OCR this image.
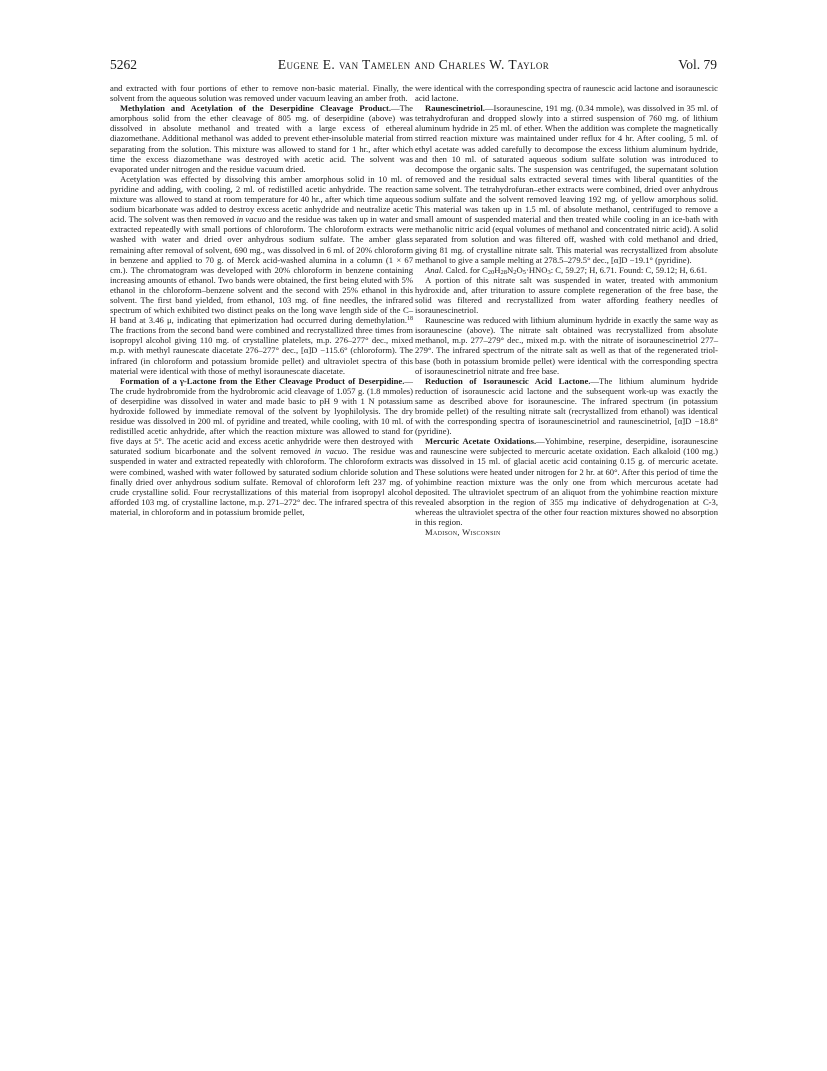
5262	Eugene E. van Tamelen and Charles W. Taylor	Vol. 79

and extracted with four portions of ether to remove non-basic material. Finally, the solvent from the aqueous solution was removed under vacuum leaving an amber froth.

Methylation and Acetylation of the Deserpidine Cleavage Product.—The amorphous solid from the ether cleavage of 805 mg. of deserpidine (above) was dissolved in absolute methanol and treated with a large excess of ethereal diazomethane. Additional methanol was added to prevent ether-insoluble material from separating from the solution. This mixture was allowed to stand for 1 hr., after which time the excess diazomethane was destroyed with acetic acid. The solvent was evaporated under nitrogen and the residue vacuum dried.

Acetylation was effected by dissolving this amber amorphous solid in 10 ml. of pyridine and adding, with cooling, 2 ml. of redistilled acetic anhydride. The reaction mixture was allowed to stand at room temperature for 40 hr., after which time aqueous sodium bicarbonate was added to destroy excess acetic anhydride and neutralize acetic acid. The solvent was then removed in vacuo and the residue was taken up in water and extracted repeatedly with small portions of chloroform. The chloroform extracts were washed with water and dried over anhydrous sodium sulfate. The amber glass remaining after removal of solvent, 690 mg., was dissolved in 6 ml. of 20% chloroform in benzene and applied to 70 g. of Merck acid-washed alumina in a column (1 × 67 cm.). The chromatogram was developed with 20% chloroform in benzene containing increasing amounts of ethanol. Two bands were obtained, the first being eluted with 5% ethanol in the chloroform–benzene solvent and the second with 25% ethanol in this solvent. The first band yielded, from ethanol, 103 mg. of fine needles, the infrared spectrum of which exhibited two distinct peaks on the long wave length side of the C–H band at 3.46 μ, indicating that epimerization had occurred during demethylation.$^{18}$ The fractions from the second band were combined and recrystallized three times from isopropyl alcohol giving 110 mg. of crystalline platelets, m.p. 276–277° dec., mixed m.p. with methyl raunescate diacetate 276–277° dec., [α]D −115.6° (chloroform). The infrared (in chloroform and potassium bromide pellet) and ultraviolet spectra of this material were identical with those of methyl isoraunescate diacetate.

Formation of a γ-Lactone from the Ether Cleavage Product of Deserpidine.—The crude hydrobromide from the hydrobromic acid cleavage of 1.057 g. (1.8 mmoles) of deserpidine was dissolved in water and made basic to pH 9 with 1 N potassium hydroxide followed by immediate removal of the solvent by lyophilolysis. The dry residue was dissolved in 200 ml. of pyridine and treated, while cooling, with 10 ml. of redistilled acetic anhydride, after which the reaction mixture was allowed to stand for five days at 5°. The acetic acid and excess acetic anhydride were then destroyed with saturated sodium bicarbonate and the solvent removed in vacuo. The residue was suspended in water and extracted repeatedly with chloroform. The chloroform extracts were combined, washed with water followed by saturated sodium chloride solution and finally dried over anhydrous sodium sulfate. Removal of chloroform left 237 mg. of crude crystalline solid. Four recrystallizations of this material from isopropyl alcohol afforded 103 mg. of crystalline lactone, m.p. 271–272° dec. The infrared spectra of this material, in chloroform and in potassium bromide pellet,

were identical with the corresponding spectra of raunescic acid lactone and isoraunescic acid lactone.

Raunescinetriol.—Isoraunescine, 191 mg. (0.34 mmole), was dissolved in 35 ml. of tetrahydrofuran and dropped slowly into a stirred suspension of 760 mg. of lithium aluminum hydride in 25 ml. of ether. When the addition was complete the magnetically stirred reaction mixture was maintained under reflux for 4 hr. After cooling, 5 ml. of ethyl acetate was added carefully to decompose the excess lithium aluminum hydride, and then 10 ml. of saturated aqueous sodium sulfate solution was introduced to decompose the organic salts. The suspension was centrifuged, the supernatant solution removed and the residual salts extracted several times with liberal quantities of the same solvent. The tetrahydrofuran–ether extracts were combined, dried over anhydrous sodium sulfate and the solvent removed leaving 192 mg. of yellow amorphous solid. This material was taken up in 1.5 ml. of absolute methanol, centrifuged to remove a small amount of suspended material and then treated while cooling in an ice-bath with methanolic nitric acid (equal volumes of methanol and concentrated nitric acid). A solid separated from solution and was filtered off, washed with cold methanol and dried, giving 81 mg. of crystalline nitrate salt. This material was recrystallized from absolute methanol to give a sample melting at 278.5–279.5° dec., [α]D −19.1° (pyridine).

Anal. Calcd. for C20H28N2O5·HNO3: C, 59.27; H, 6.71. Found: C, 59.12; H, 6.61.

A portion of this nitrate salt was suspended in water, treated with ammonium hydroxide and, after trituration to assure complete regeneration of the free base, the solid was filtered and recrystallized from water affording feathery needles of isoraunescinetriol.

Raunescine was reduced with lithium aluminum hydride in exactly the same way as isoraunescine (above). The nitrate salt obtained was recrystallized from absolute methanol, m.p. 277–279° dec., mixed m.p. with the nitrate of isoraunescinetriol 277–279°. The infrared spectrum of the nitrate salt as well as that of the regenerated triol-base (both in potassium bromide pellet) were identical with the corresponding spectra of isoraunescinetriol nitrate and free base.

Reduction of Isoraunescic Acid Lactone.—The lithium aluminum hydride reduction of isoraunescic acid lactone and the subsequent work-up was exactly the same as described above for isoraunescine. The infrared spectrum (in potassium bromide pellet) of the resulting nitrate salt (recrystallized from ethanol) was identical with the corresponding spectra of isoraunescinetriol and raunescinetriol, [α]D −18.8° (pyridine).

Mercuric Acetate Oxidations.—Yohimbine, reserpine, deserpidine, isoraunescine and raunescine were subjected to mercuric acetate oxidation. Each alkaloid (100 mg.) was dissolved in 15 ml. of glacial acetic acid containing 0.15 g. of mercuric acetate. These solutions were heated under nitrogen for 2 hr. at 60°. After this period of time the yohimbine reaction mixture was the only one from which mercurous acetate had deposited. The ultraviolet spectrum of an aliquot from the yohimbine reaction mixture revealed absorption in the region of 355 mμ indicative of dehydrogenation at C-3, whereas the ultraviolet spectra of the other four reaction mixtures showed no absorption in this region.

Madison, Wisconsin
